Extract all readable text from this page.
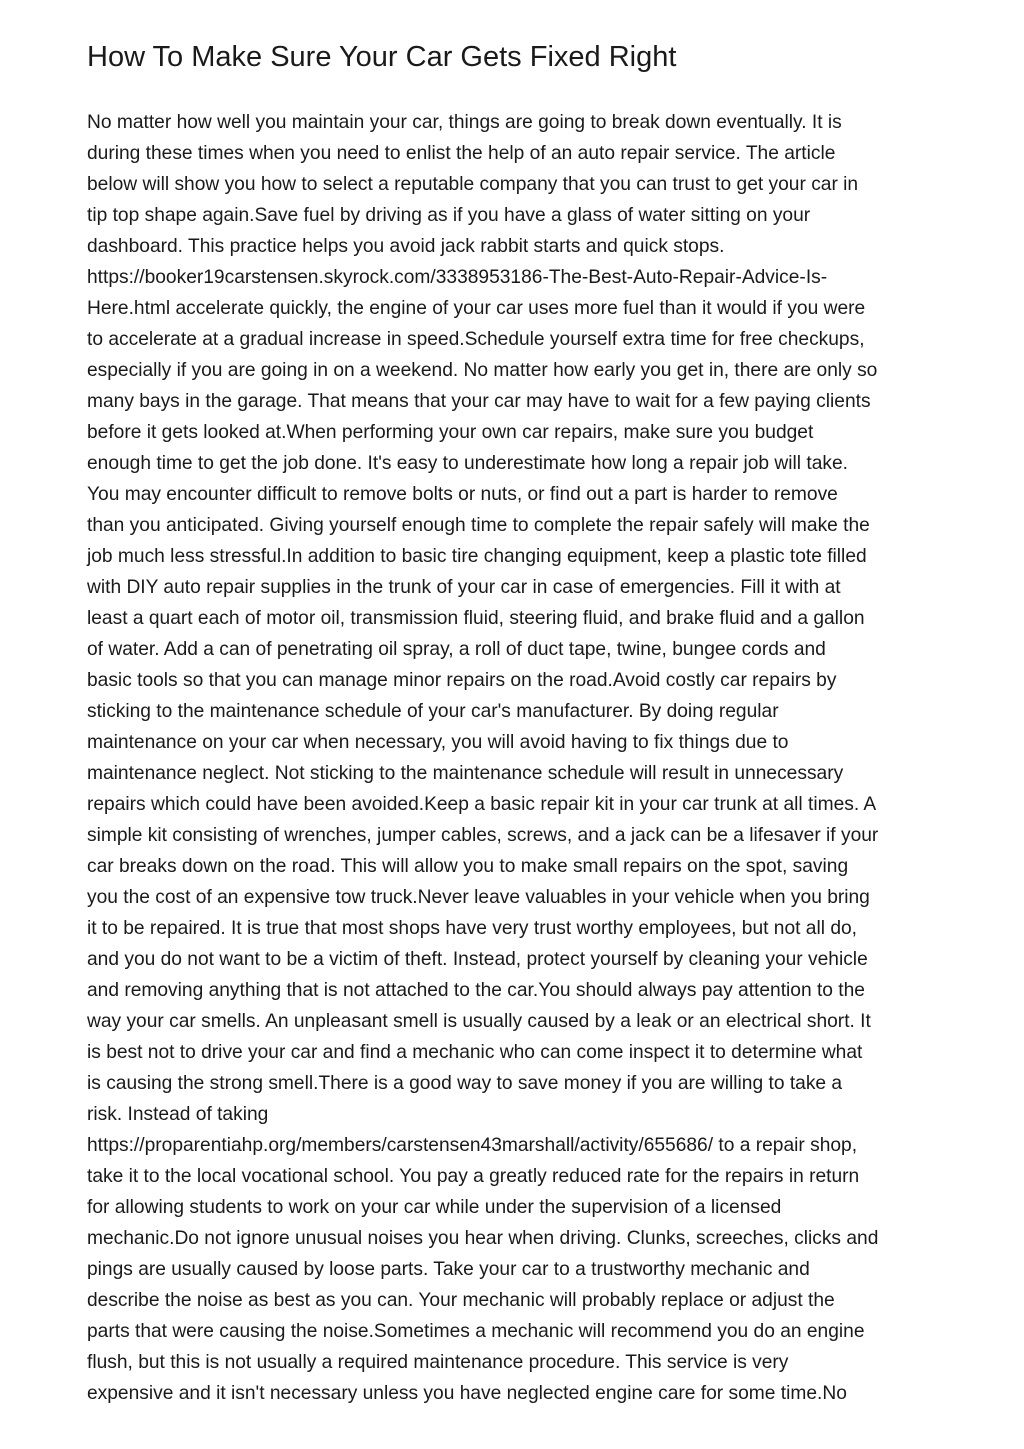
How To Make Sure Your Car Gets Fixed Right

No matter how well you maintain your car, things are going to break down eventually. It is
during these times when you need to enlist the help of an auto repair service. The article
below will show you how to select a reputable company that you can trust to get your car in
tip top shape again.Save fuel by driving as if you have a glass of water sitting on your
dashboard. This practice helps you avoid jack rabbit starts and quick stops.
https://booker19carstensen.skyrock.com/3338953186-The-Best-Auto-Repair-Advice-Is-
Here.html accelerate quickly, the engine of your car uses more fuel than it would if you were
to accelerate at a gradual increase in speed.Schedule yourself extra time for free checkups,
especially if you are going in on a weekend. No matter how early you get in, there are only so
many bays in the garage. That means that your car may have to wait for a few paying clients
before it gets looked at.When performing your own car repairs, make sure you budget
enough time to get the job done. It's easy to underestimate how long a repair job will take.
You may encounter difficult to remove bolts or nuts, or find out a part is harder to remove
than you anticipated. Giving yourself enough time to complete the repair safely will make the
job much less stressful.In addition to basic tire changing equipment, keep a plastic tote filled
with DIY auto repair supplies in the trunk of your car in case of emergencies. Fill it with at
least a quart each of motor oil, transmission fluid, steering fluid, and brake fluid and a gallon
of water. Add a can of penetrating oil spray, a roll of duct tape, twine, bungee cords and
basic tools so that you can manage minor repairs on the road.Avoid costly car repairs by
sticking to the maintenance schedule of your car's manufacturer. By doing regular
maintenance on your car when necessary, you will avoid having to fix things due to
maintenance neglect. Not sticking to the maintenance schedule will result in unnecessary
repairs which could have been avoided.Keep a basic repair kit in your car trunk at all times. A
simple kit consisting of wrenches, jumper cables, screws, and a jack can be a lifesaver if your
car breaks down on the road. This will allow you to make small repairs on the spot, saving
you the cost of an expensive tow truck.Never leave valuables in your vehicle when you bring
it to be repaired. It is true that most shops have very trust worthy employees, but not all do,
and you do not want to be a victim of theft. Instead, protect yourself by cleaning your vehicle
and removing anything that is not attached to the car.You should always pay attention to the
way your car smells. An unpleasant smell is usually caused by a leak or an electrical short. It
is best not to drive your car and find a mechanic who can come inspect it to determine what
is causing the strong smell.There is a good way to save money if you are willing to take a
risk. Instead of taking
https://proparentiahp.org/members/carstensen43marshall/activity/655686/ to a repair shop,
take it to the local vocational school. You pay a greatly reduced rate for the repairs in return
for allowing students to work on your car while under the supervision of a licensed
mechanic.Do not ignore unusual noises you hear when driving. Clunks, screeches, clicks and
pings are usually caused by loose parts. Take your car to a trustworthy mechanic and
describe the noise as best as you can. Your mechanic will probably replace or adjust the
parts that were causing the noise.Sometimes a mechanic will recommend you do an engine
flush, but this is not usually a required maintenance procedure. This service is very
expensive and it isn't necessary unless you have neglected engine care for some time.No
